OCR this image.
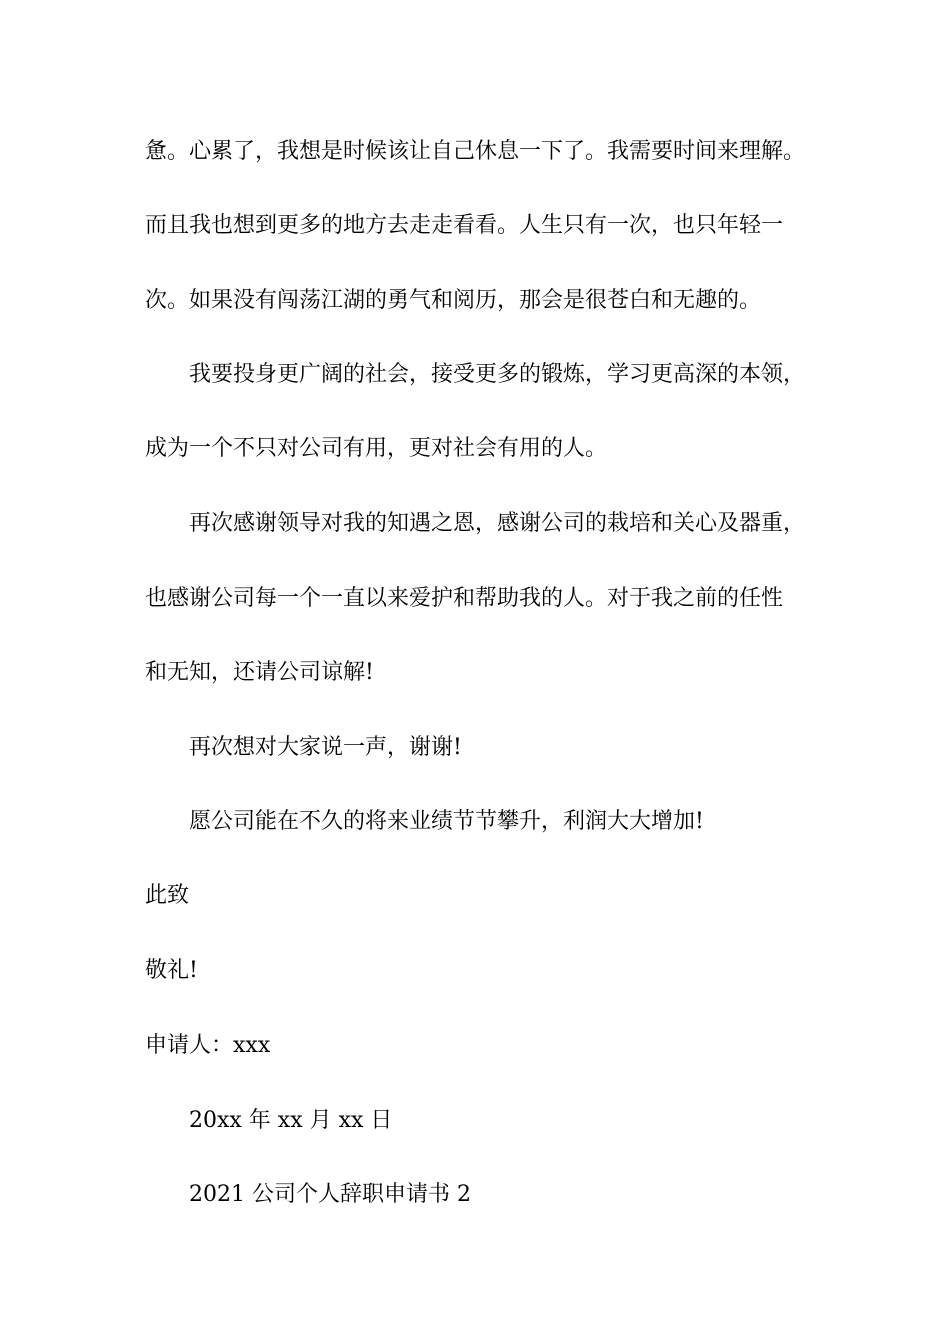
惫。心累了，我想是时候该让自己休息一下了。我需要时间来理解。
而且我也想到更多的地方去走走看看。人生只有一次，也只年轻一
次。如果没有闯荡江湖的勇气和阅历，那会是很苍白和无趣的。
我要投身更广阔的社会，接受更多的锻炼，学习更高深的本领，
成为一个不只对公司有用，更对社会有用的人。
再次感谢领导对我的知遇之恩，感谢公司的栽培和关心及器重，
也感谢公司每一个一直以来爱护和帮助我的人。对于我之前的任性
和无知，还请公司谅解!
再次想对大家说一声，谢谢!
愿公司能在不久的将来业绩节节攀升，利润大大增加!
此致
敬礼!
申请人：xxx
20xx 年 xx 月 xx 日
2021 公司个人辞职申请书 2
